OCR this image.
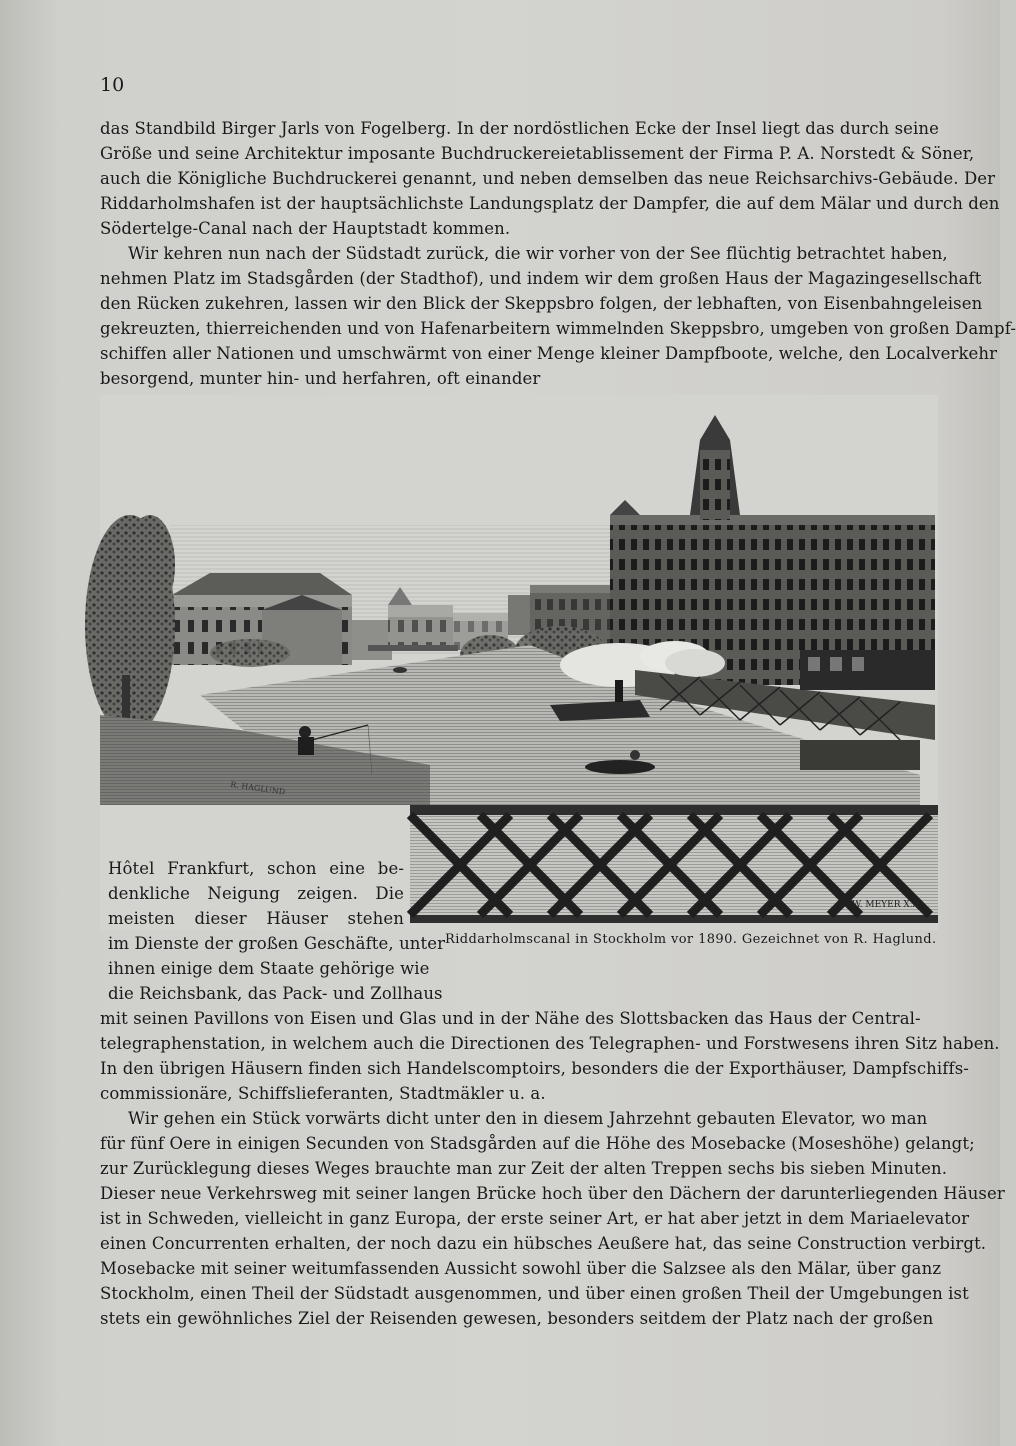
10
das Standbild Birger Jarls von Fogelberg. In der nordöstlichen Ecke der Insel liegt das durch seine
Größe und seine Architektur imposante Buchdruckereietablissement der Firma P. A. Norstedt & Söner,
auch die Königliche Buchdruckerei genannt, und neben demselben das neue Reichsarchivs-Gebäude. Der
Riddarholmshafen ist der hauptsächlichste Landungsplatz der Dampfer, die auf dem Mälar und durch den
Södertelge-Canal nach der Hauptstadt kommen.
Wir kehren nun nach der Südstadt zurück, die wir vorher von der See flüchtig betrachtet haben,
nehmen Platz im Stadsgården (der Stadthof), und indem wir dem großen Haus der Magazingesellschaft
den Rücken zukehren, lassen wir den Blick der Skeppsbro folgen, der lebhaften, von Eisenbahngeleisen
gekreuzten, thierreichenden und von Hafenarbeitern wimmelnden Skeppsbro, umgeben von großen Dampf-
schiffen aller Nationen und umschwärmt von einer Menge kleiner Dampfboote, welche, den Localverkehr
besorgend, munter hin- und herfahren, oft einander
R. HAGLUND
W. MEYER X.A.
Riddarholmscanal in Stockholm vor 1890. Gezeichnet von R. Haglund.
Hôtel Frankfurt, schon eine be-
denkliche Neigung zeigen. Die
meisten dieser Häuser stehen
im Dienste der großen Geschäfte, unter
ihnen einige dem Staate gehörige wie
die Reichsbank, das Pack- und Zollhaus
mit seinen Pavillons von Eisen und Glas und in der Nähe des Slottsbacken das Haus der Central-
telegraphenstation, in welchem auch die Directionen des Telegraphen- und Forstwesens ihren Sitz haben.
In den übrigen Häusern finden sich Handelscomptoirs, besonders die der Exporthäuser, Dampfschiffs-
commissionäre, Schiffslieferanten, Stadtmäkler u. a.
Wir gehen ein Stück vorwärts dicht unter den in diesem Jahrzehnt gebauten Elevator, wo man
für fünf Oere in einigen Secunden von Stadsgården auf die Höhe des Mosebacke (Moseshöhe) gelangt;
zur Zurücklegung dieses Weges brauchte man zur Zeit der alten Treppen sechs bis sieben Minuten.
Dieser neue Verkehrsweg mit seiner langen Brücke hoch über den Dächern der darunterliegenden Häuser
ist in Schweden, vielleicht in ganz Europa, der erste seiner Art, er hat aber jetzt in dem Mariaelevator
einen Concurrenten erhalten, der noch dazu ein hübsches Aeußere hat, das seine Construction verbirgt.
Mosebacke mit seiner weitumfassenden Aussicht sowohl über die Salzsee als den Mälar, über ganz
Stockholm, einen Theil der Südstadt ausgenommen, und über einen großen Theil der Umgebungen ist
stets ein gewöhnliches Ziel der Reisenden gewesen, besonders seitdem der Platz nach der großen
